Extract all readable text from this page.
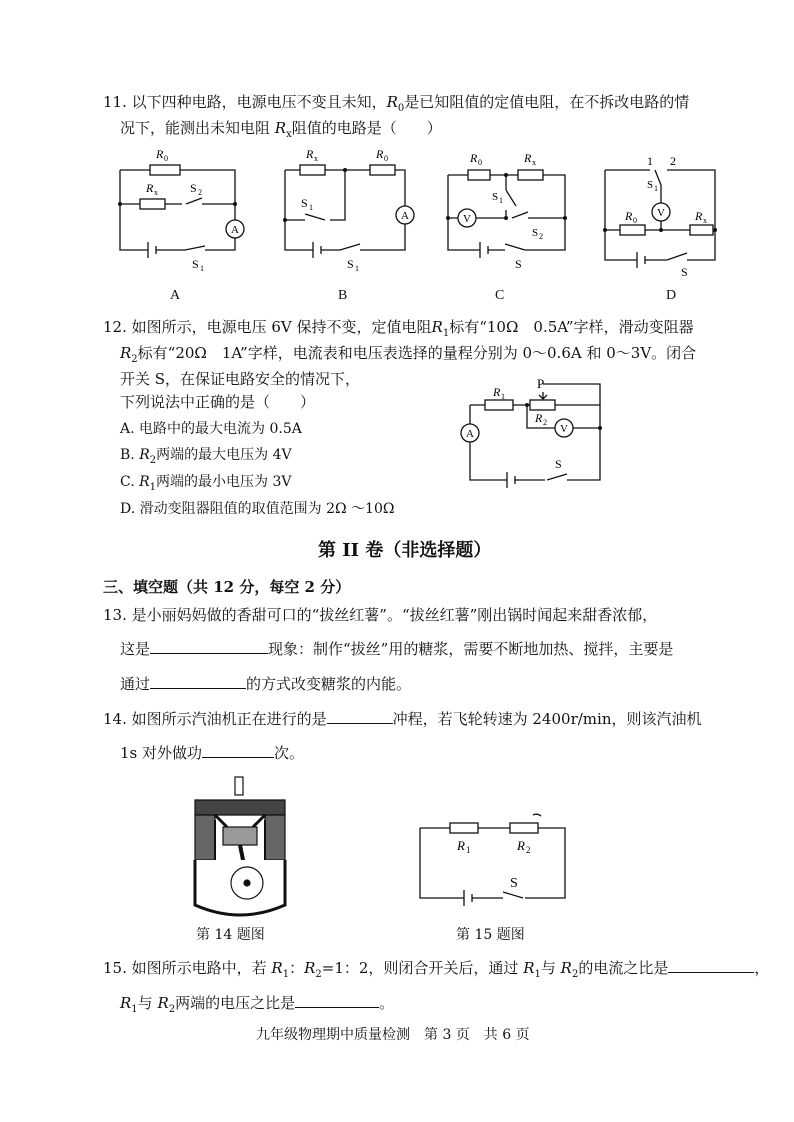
11. 以下四种电路，电源电压不变且未知，$R_0$是已知阻值的定值电阻，在不拆改电路的情
况下，能测出未知电阻 $R_x$阻值的电路是（　　）
A
R 0
R x	S 2
S 1
A
A
R x	R 0
S 1
S 1
B
V
R 0	R x
S 1
S 2
S
C
V
1 2
S 1
R 0	R x
S
D
12. 如图所示，电源电压 6V 保持不变，定值电阻$R_1$标有“10Ω　0.5A”字样，滑动变阻器
$R_2$标有“20Ω　1A”字样，电流表和电压表选择的量程分别为 0～0.6A 和 0～3V。闭合
开关 S，在保证电路安全的情况下，
下列说法中正确的是（　　）
A. 电路中的最大电流为 0.5A
B. $R_2$两端的最大电压为 4V
C. $R_1$两端的最小电压为 3V
D. 滑动变阻器阻值的取值范围为 2Ω ～10Ω
A	V
P
R 1
R 2
S
第 II 卷（非选择题）
三、填空题（共 12 分，每空 2 分）
13. 是小丽妈妈做的香甜可口的“拔丝红薯”。“拔丝红薯”刚出锅时闻起来甜香浓郁，
这是	现象：制作“拔丝”用的糖浆，需要不断地加热、搅拌，主要是
通过	的方式改变糖浆的内能。
14. 如图所示汽油机正在进行的是	冲程，若飞轮转速为 2400r/min，则该汽油机
1s 对外做功	次。
第 14 题图
R 1	R 2
S
第 15 题图
15. 如图所示电路中，若 $R_1$：$R_2=1$：2，则闭合开关后，通过 $R_1$与 $R_2$的电流之比是	，
$R_1$与 $R_2$两端的电压之比是	。
九年级物理期中质量检测　第 3 页　共 6 页
